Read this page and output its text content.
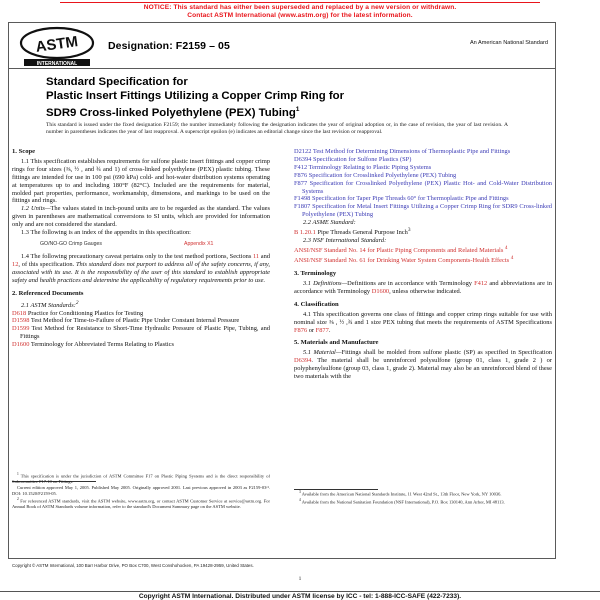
NOTICE: This standard has either been superseded and replaced by a new version or withdrawn.
Contact ASTM International (www.astm.org) for the latest information.
ASTM
INTERNATIONAL
Designation: F2159 – 05	An American National Standard
Standard Specification for
Plastic Insert Fittings Utilizing a Copper Crimp Ring for
SDR9 Cross-linked Polyethylene (PEX) Tubing$^1$
This standard is issued under the fixed designation F2159; the number immediately following the designation indicates the year of original adoption or, in the case of revision, the year of last revision. A number in parentheses indicates the year of last reapproval. A superscript epsilon (e) indicates an editorial change since the last revision or reapproval.
1. Scope
1.1 This specification establishes requirements for sulfone plastic insert fittings and copper crimp rings for four sizes (⅜, ½ , and ¾ and 1) of cross-linked polyethylene (PEX) plastic tubing. These fittings are intended for use in 100 psi (690 kPa) cold- and hot-water distribution systems operating at temperatures up to and including 180°F (82°C). Included are the requirements for material, molded part properties, performance, workmanship, dimensions, and markings to be used on the fittings and rings.
1.2 Units—The values stated in inch-pound units are to be regarded as the standard. The values given in parentheses are mathematical conversions to SI units, which are provided for information only and are not considered the standard.
1.3 The following is an index of the appendix in this specification:
GO/NO-GO Crimp Gauges	Appendix X1
1.4 The following precautionary caveat pertains only to the test method portions, Sections 11 and 12, of this specification. This standard does not purport to address all of the safety concerns, if any, associated with its use. It is the responsibility of the user of this standard to establish appropriate safety and health practices and determine the applicability of regulatory requirements prior to use.
2. Referenced Documents
2.1 ASTM Standards:$^2$
D618 Practice for Conditioning Plastics for Testing
D1598 Test Method for Time-to-Failure of Plastic Pipe Under Constant Internal Pressure
D1599 Test Method for Resistance to Short-Time Hydraulic Pressure of Plastic Pipe, Tubing, and Fittings
D1600 Terminology for Abbreviated Terms Relating to Plastics
D2122 Test Method for Determining Dimensions of Thermoplastic Pipe and Fittings
D6394 Specification for Sulfone Plastics (SP)
F412 Terminology Relating to Plastic Piping Systems
F876 Specification for Crosslinked Polyethylene (PEX) Tubing
F877 Specification for Crosslinked Polyethylene (PEX) Plastic Hot- and Cold-Water Distribution Systems
F1498 Specification for Taper Pipe Threads 60° for Thermoplastic Pipe and Fittings
F1807 Specification for Metal Insert Fittings Utilizing a Copper Crimp Ring for SDR9 Cross-linked Polyethylene (PEX) Tubing
2.2 ASME Standard:
B 1.20.1 Pipe Threads General Purpose Inch$^3$
2.3 NSF International Standard:
ANSI/NSF Standard No. 14 for Plastic Piping Components and Related Materials $^4$
ANSI/NSF Standard No. 61 for Drinking Water System Components-Health Effects $^4$
3. Terminology
3.1 Definitions—Definitions are in accordance with Terminology F412 and abbreviations are in accordance with Terminology D1600, unless otherwise indicated.
4. Classification
4.1 This specification governs one class of fittings and copper crimp rings suitable for use with nominal size ⅜ , ½ ,¾ and 1 size PEX tubing that meets the requirements of ASTM Specifications F876 or F877.
5. Materials and Manufacture
5.1 Material—Fittings shall be molded from sulfone plastic (SP) as specified in Specification D6394. The material shall be unreinforced polysulfone (group 01, class 1, grade 2 ) or polyphenylsulfone (group 03, class 1, grade 2). Material may also be an unreinforced blend of these two materials with the
$^1$ This specification is under the jurisdiction of ASTM Committee F17 on Plastic Piping Systems and is the direct responsibility of Subcommittee F17.10 on Fittings.
Current edition approved May 1, 2005. Published May 2005. Originally approved 2001. Last previous approved in 2003 as F2159-03ᵉ¹. DOI: 10.1520/F2159-05.
$^2$ For referenced ASTM standards, visit the ASTM website, www.astm.org, or contact ASTM Customer Service at service@astm.org. For Annual Book of ASTM Standards volume information, refer to the standard's Document Summary page on the ASTM website.
$^3$ Available from the American National Standards Institute, 11 West 42nd St., 13th Floor, New York, NY 10036.
$^4$ Available from the National Sanitation Foundation (NSF International), P.O. Box 130140, Ann Arbor, MI 48113.
Copyright © ASTM International, 100 Barr Harbor Drive, PO Box C700, West Conshohocken, PA 19428-2959, United States.
1
Copyright ASTM International. Distributed under ASTM license by ICC - tel: 1-888-ICC-SAFE (422-7233).
